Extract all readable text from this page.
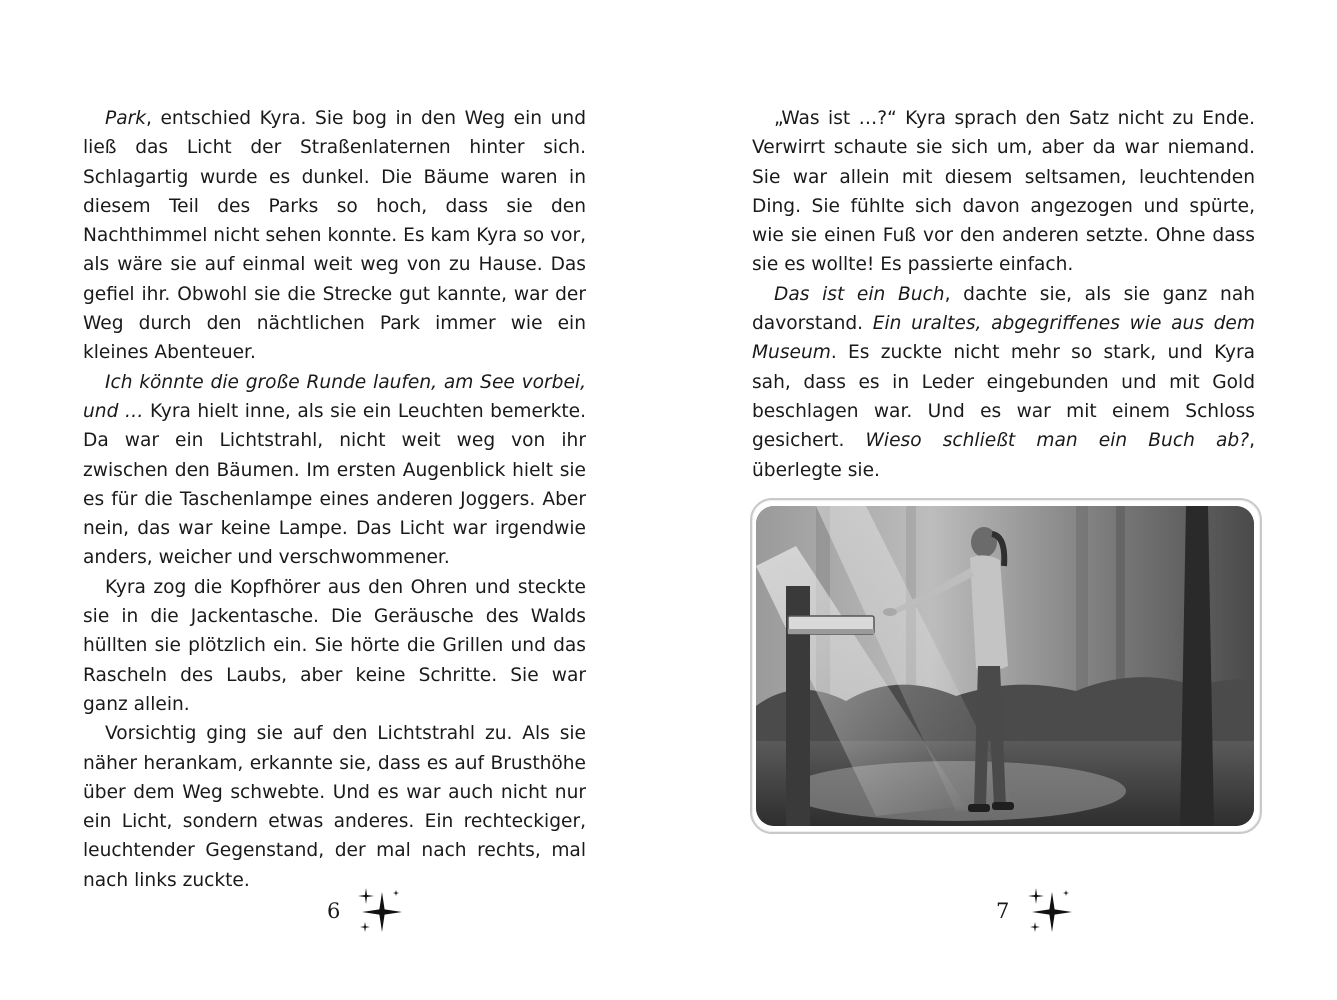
Park, entschied Kyra. Sie bog in den Weg ein und ließ das Licht der Straßenlaternen hinter sich. Schlagartig wurde es dunkel. Die Bäume waren in diesem Teil des Parks so hoch, dass sie den Nachthimmel nicht sehen konnte. Es kam Kyra so vor, als wäre sie auf einmal weit weg von zu Hause. Das gefiel ihr. Obwohl sie die Strecke gut kannte, war der Weg durch den nächtlichen Park immer wie ein kleines Abenteuer.

Ich könnte die große Runde laufen, am See vorbei, und … Kyra hielt inne, als sie ein Leuchten bemerkte. Da war ein Lichtstrahl, nicht weit weg von ihr zwischen den Bäumen. Im ersten Augenblick hielt sie es für die Taschenlampe eines anderen Joggers. Aber nein, das war keine Lampe. Das Licht war irgendwie anders, weicher und verschwommener.

Kyra zog die Kopfhörer aus den Ohren und steckte sie in die Jackentasche. Die Geräusche des Walds hüllten sie plötzlich ein. Sie hörte die Grillen und das Rascheln des Laubs, aber keine Schritte. Sie war ganz allein.

Vorsichtig ging sie auf den Lichtstrahl zu. Als sie näher herankam, erkannte sie, dass es auf Brusthöhe über dem Weg schwebte. Und es war auch nicht nur ein Licht, sondern etwas anderes. Ein rechteckiger, leuchtender Gegenstand, der mal nach rechts, mal nach links zuckte.

6

„Was ist …?“ Kyra sprach den Satz nicht zu Ende. Verwirrt schaute sie sich um, aber da war niemand. Sie war allein mit diesem seltsamen, leuchtenden Ding. Sie fühlte sich davon angezogen und spürte, wie sie einen Fuß vor den anderen setzte. Ohne dass sie es wollte! Es passierte einfach.

Das ist ein Buch, dachte sie, als sie ganz nah davorstand. Ein uraltes, abgegriffenes wie aus dem Museum. Es zuckte nicht mehr so stark, und Kyra sah, dass es in Leder eingebunden und mit Gold beschlagen war. Und es war mit einem Schloss gesichert. Wieso schließt man ein Buch ab?, überlegte sie.

7
